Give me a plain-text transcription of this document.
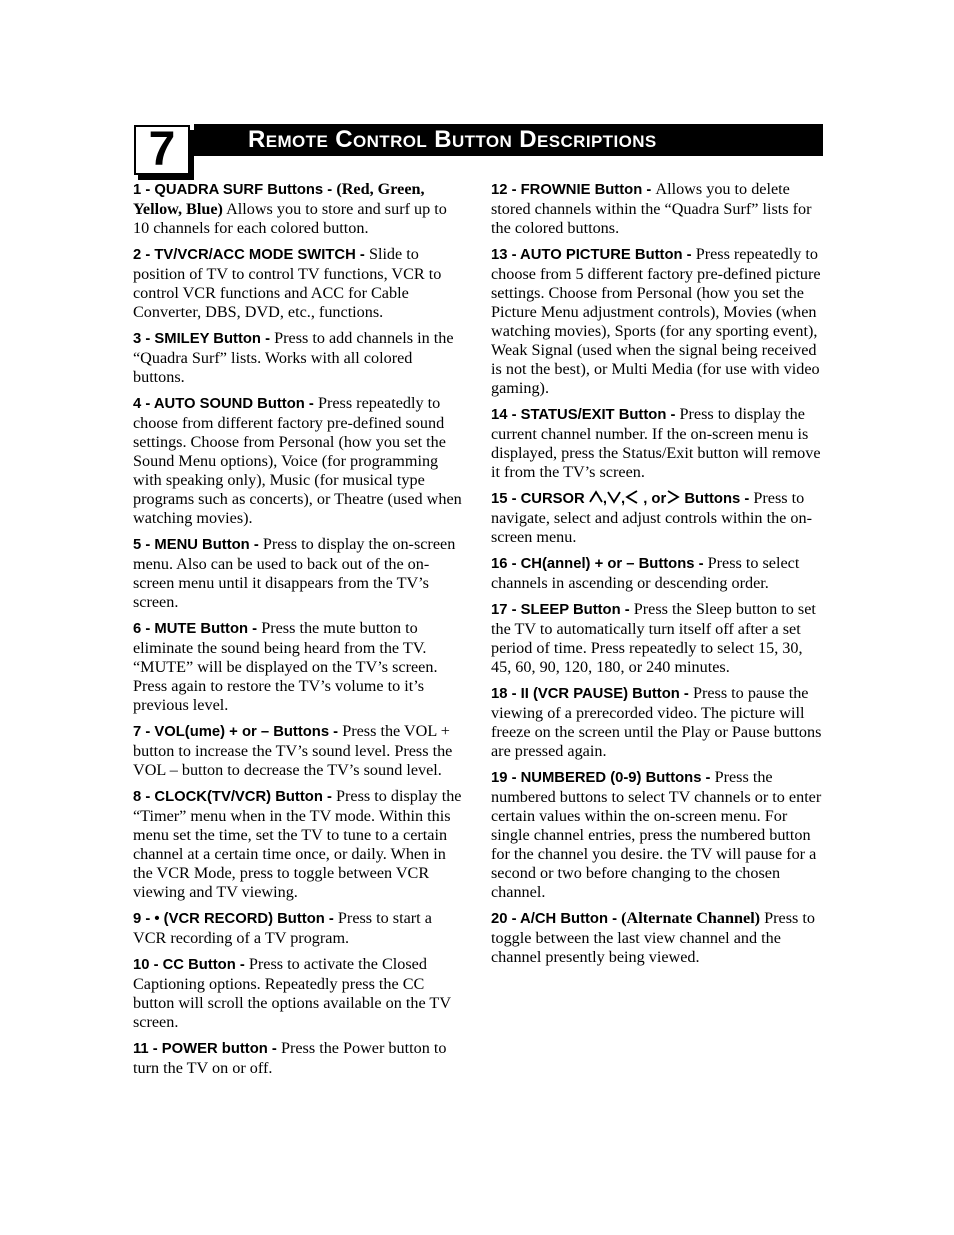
7	Remote Control Button Descriptions

1 - QUADRA SURF Buttons - (Red, Green, Yellow, Blue) Allows you to store and surf up to 10 channels for each colored button.

2 - TV/VCR/ACC MODE SWITCH - Slide to position of TV to control TV functions, VCR to control VCR functions and ACC for Cable Converter, DBS, DVD, etc., functions.

3 - SMILEY Button - Press to add channels in the “Quadra Surf” lists. Works with all colored buttons.

4 - AUTO SOUND Button - Press repeatedly to choose from different factory pre-defined sound settings. Choose from Personal (how you set the Sound Menu options), Voice (for programming with speaking only), Music (for musical type programs such as concerts), or Theatre (used when watching movies).

5 - MENU Button - Press to display the on-screen menu. Also can be used to back out of the on-screen menu until it disappears from the TV’s screen.

6 - MUTE Button - Press the mute button to eliminate the sound being heard from the TV. “MUTE” will be displayed on the TV’s screen. Press again to restore the TV’s volume to it’s previous level.

7 - VOL(ume) + or – Buttons - Press the VOL + button to increase the TV’s sound level. Press the VOL – button to decrease the TV’s sound level.

8 - CLOCK(TV/VCR) Button - Press to display the “Timer” menu when in the TV mode. Within this menu set the time, set the TV to tune to a certain channel at a certain time once, or daily. When in the VCR Mode, press to toggle between VCR viewing and TV viewing.

9 - • (VCR RECORD) Button - Press to start a VCR recording of a TV program.

10 - CC Button - Press to activate the Closed Captioning options. Repeatedly press the CC button will scroll the options available on the TV screen.

11 - POWER button - Press the Power button to turn the TV on or off.

12 - FROWNIE Button - Allows you to delete stored channels within the “Quadra Surf” lists for the colored buttons.

13 - AUTO PICTURE Button - Press repeatedly to choose from 5 different factory pre-defined picture settings. Choose from Personal (how you set the Picture Menu adjustment controls), Movies (when watching movies), Sports (for any sporting event), Weak Signal (used when the signal being received is not the best), or Multi Media (for use with video gaming).

14 - STATUS/EXIT Button - Press to display the current channel number. If the on-screen menu is displayed, press the Status/Exit button will remove it from the TV’s screen.

15 - CURSOR
, ,
, or
Buttons - Press to navigate, select and adjust controls within the on-screen menu.

16 - CH(annel) + or – Buttons - Press to select channels in ascending or descending order.

17 - SLEEP Button - Press the Sleep button to set the TV to automatically turn itself off after a set period of time. Press repeatedly to select 15, 30, 45, 60, 90, 120, 180, or 240 minutes.

18 - II (VCR PAUSE) Button - Press to pause the viewing of a prerecorded video. The picture will freeze on the screen until the Play or Pause buttons are pressed again.

19 - NUMBERED (0-9) Buttons - Press the numbered buttons to select TV channels or to enter certain values within the on-screen menu. For single channel entries, press the numbered button for the channel you desire. the TV will pause for a second or two before changing to the chosen channel.

20 - A/CH Button - (Alternate Channel) Press to toggle between the last view channel and the channel presently being viewed.
